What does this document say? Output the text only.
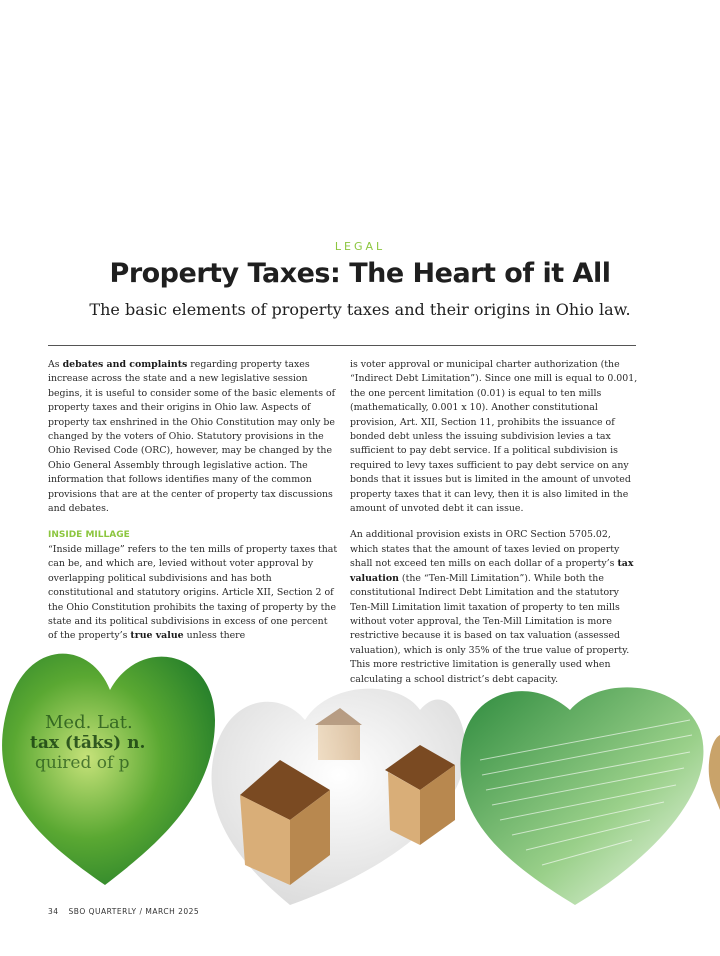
LEGAL
Property Taxes: The Heart of it All
The basic elements of property taxes and their origins in Ohio law.

As debates and complaints regarding property taxes increase across the state and a new legislative session begins, it is useful to consider some of the basic elements of property taxes and their origins in Ohio law. Aspects of property tax enshrined in the Ohio Constitution may only be changed by the voters of Ohio. Statutory provisions in the Ohio Revised Code (ORC), however, may be changed by the Ohio General Assembly through legislative action. The information that follows identifies many of the common provisions that are at the center of property tax discussions and debates.

INSIDE MILLAGE
“Inside millage” refers to the ten mills of property taxes that can be, and which are, levied without voter approval by overlapping political subdivisions and has both constitutional and statutory origins. Article XII, Section 2 of the Ohio Constitution prohibits the taxing of property by the state and its political subdivisions in excess of one percent of the property’s true value unless there

is voter approval or municipal charter authorization (the “Indirect Debt Limitation”). Since one mill is equal to 0.001, the one percent limitation (0.01) is equal to ten mills (mathematically, 0.001 x 10). Another constitutional provision, Art. XII, Section 11, prohibits the issuance of bonded debt unless the issuing subdivision levies a tax sufficient to pay debt service. If a political subdivision is required to levy taxes sufficient to pay debt service on any bonds that it issues but is limited in the amount of unvoted property taxes that it can levy, then it is also limited in the amount of unvoted debt it can issue.

An additional provision exists in ORC Section 5705.02, which states that the amount of taxes levied on property shall not exceed ten mills on each dollar of a property’s tax valuation (the “Ten-Mill Limitation”). While both the constitutional Indirect Debt Limitation and the statutory Ten-Mill Limitation limit taxation of property to ten mills without voter approval, the Ten-Mill Limitation is more restrictive because it is based on tax valuation (assessed valuation), which is only 35% of the true value of property. This more restrictive limitation is generally used when calculating a school district’s debt capacity.

Med. Lat.
tax (tāks) n.
quired of p
34 SBO QUARTERLY / MARCH 2025
